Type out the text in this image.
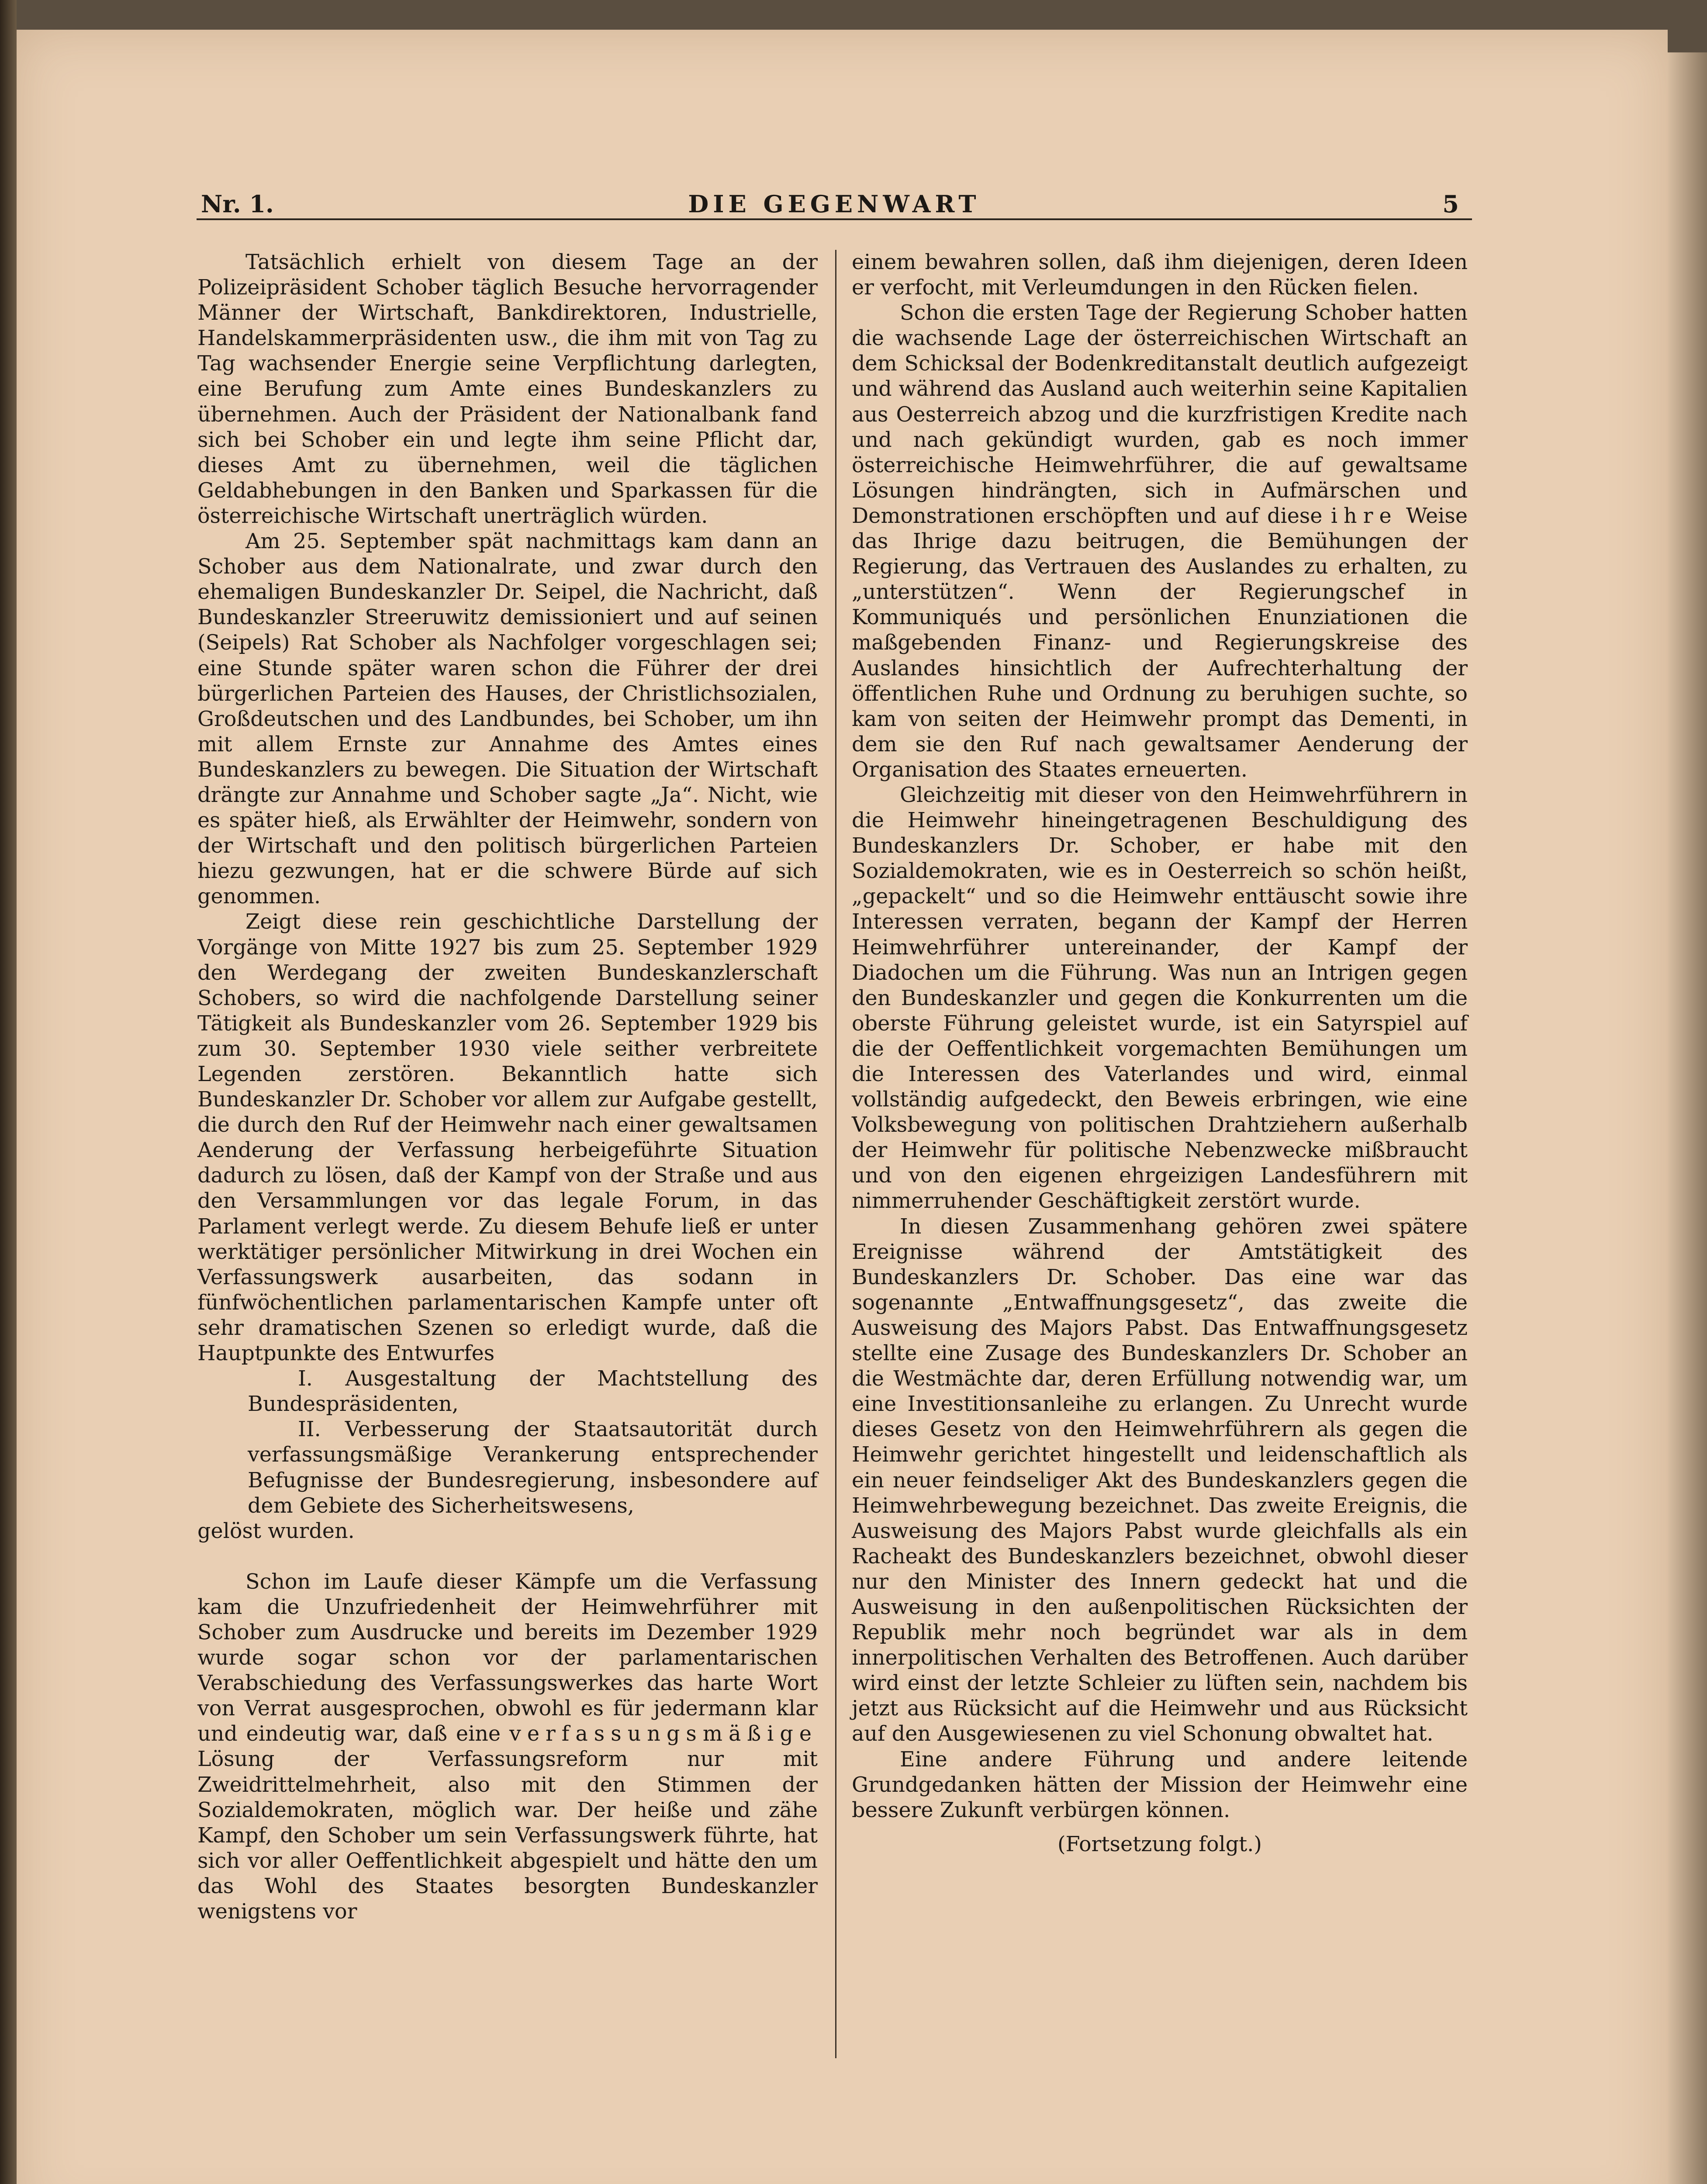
Nr. 1.	DIE GEGENWART	5

Tatsächlich erhielt von diesem Tage an der Polizeipräsident Schober täglich Besuche hervorragender Männer der Wirtschaft, Bankdirektoren, Industrielle, Handelskammerpräsidenten usw., die ihm mit von Tag zu Tag wachsender Energie seine Verpflichtung darlegten, eine Berufung zum Amte eines Bundeskanzlers zu übernehmen. Auch der Präsident der Nationalbank fand sich bei Schober ein und legte ihm seine Pflicht dar, dieses Amt zu übernehmen, weil die täglichen Geldabhebungen in den Banken und Sparkassen für die österreichische Wirtschaft unerträglich würden.

Am 25. September spät nachmittags kam dann an Schober aus dem Nationalrate, und zwar durch den ehemaligen Bundeskanzler Dr. Seipel, die Nachricht, daß Bundeskanzler Streeruwitz demissioniert und auf seinen (Seipels) Rat Schober als Nachfolger vorgeschlagen sei; eine Stunde später waren schon die Führer der drei bürgerlichen Parteien des Hauses, der Christlichsozialen, Großdeutschen und des Landbundes, bei Schober, um ihn mit allem Ernste zur Annahme des Amtes eines Bundeskanzlers zu bewegen. Die Situation der Wirtschaft drängte zur Annahme und Schober sagte „Ja“. Nicht, wie es später hieß, als Erwählter der Heimwehr, sondern von der Wirtschaft und den politisch bürgerlichen Parteien hiezu gezwungen, hat er die schwere Bürde auf sich genommen.

Zeigt diese rein geschichtliche Darstellung der Vorgänge von Mitte 1927 bis zum 25. September 1929 den Werdegang der zweiten Bundeskanzlerschaft Schobers, so wird die nachfolgende Darstellung seiner Tätigkeit als Bundeskanzler vom 26. September 1929 bis zum 30. September 1930 viele seither verbreitete Legenden zerstören. Bekanntlich hatte sich Bundeskanzler Dr. Schober vor allem zur Aufgabe gestellt, die durch den Ruf der Heimwehr nach einer gewaltsamen Aenderung der Verfassung herbeigeführte Situation dadurch zu lösen, daß der Kampf von der Straße und aus den Versammlungen vor das legale Forum, in das Parlament verlegt werde. Zu diesem Behufe ließ er unter werktätiger persönlicher Mitwirkung in drei Wochen ein Verfassungswerk ausarbeiten, das sodann in fünfwöchentlichen parlamentarischen Kampfe unter oft sehr dramatischen Szenen so erledigt wurde, daß die Hauptpunkte des Entwurfes

I. Ausgestaltung der Machtstellung des Bundespräsidenten,

II. Verbesserung der Staatsautorität durch verfassungsmäßige Verankerung entsprechender Befugnisse der Bundesregierung, insbesondere auf dem Gebiete des Sicherheitswesens,

gelöst wurden.

Schon im Laufe dieser Kämpfe um die Verfassung kam die Unzufriedenheit der Heimwehrführer mit Schober zum Ausdrucke und bereits im Dezember 1929 wurde sogar schon vor der parlamentarischen Verabschiedung des Verfassungswerkes das harte Wort von Verrat ausgesprochen, obwohl es für jedermann klar und eindeutig war, daß eine verfassungsmäßige Lösung der Verfassungsreform nur mit Zweidrittelmehrheit, also mit den Stimmen der Sozialdemokraten, möglich war. Der heiße und zähe Kampf, den Schober um sein Verfassungswerk führte, hat sich vor aller Oeffentlichkeit abgespielt und hätte den um das Wohl des Staates besorgten Bundeskanzler wenigstens vor

einem bewahren sollen, daß ihm diejenigen, deren Ideen er verfocht, mit Verleumdungen in den Rücken fielen.

Schon die ersten Tage der Regierung Schober hatten die wachsende Lage der österreichischen Wirtschaft an dem Schicksal der Bodenkreditanstalt deutlich aufgezeigt und während das Ausland auch weiterhin seine Kapitalien aus Oesterreich abzog und die kurzfristigen Kredite nach und nach gekündigt wurden, gab es noch immer österreichische Heimwehrführer, die auf gewaltsame Lösungen hindrängten, sich in Aufmärschen und Demonstrationen erschöpften und auf diese ihre Weise das Ihrige dazu beitrugen, die Bemühungen der Regierung, das Vertrauen des Auslandes zu erhalten, zu „unterstützen“. Wenn der Regierungschef in Kommuniqués und persönlichen Enunziationen die maßgebenden Finanz- und Regierungskreise des Auslandes hinsichtlich der Aufrechterhaltung der öffentlichen Ruhe und Ordnung zu beruhigen suchte, so kam von seiten der Heimwehr prompt das Dementi, in dem sie den Ruf nach gewaltsamer Aenderung der Organisation des Staates erneuerten.

Gleichzeitig mit dieser von den Heimwehrführern in die Heimwehr hineingetragenen Beschuldigung des Bundeskanzlers Dr. Schober, er habe mit den Sozialdemokraten, wie es in Oesterreich so schön heißt, „gepackelt“ und so die Heimwehr enttäuscht sowie ihre Interessen verraten, begann der Kampf der Herren Heimwehrführer untereinander, der Kampf der Diadochen um die Führung. Was nun an Intrigen gegen den Bundeskanzler und gegen die Konkurrenten um die oberste Führung geleistet wurde, ist ein Satyrspiel auf die der Oeffentlichkeit vorgemachten Bemühungen um die Interessen des Vaterlandes und wird, einmal vollständig aufgedeckt, den Beweis erbringen, wie eine Volksbewegung von politischen Drahtziehern außerhalb der Heimwehr für politische Nebenzwecke mißbraucht und von den eigenen ehrgeizigen Landesführern mit nimmerruhender Geschäftigkeit zerstört wurde.

In diesen Zusammenhang gehören zwei spätere Ereignisse während der Amtstätigkeit des Bundeskanzlers Dr. Schober. Das eine war das sogenannte „Entwaffnungsgesetz“, das zweite die Ausweisung des Majors Pabst. Das Entwaffnungsgesetz stellte eine Zusage des Bundeskanzlers Dr. Schober an die Westmächte dar, deren Erfüllung notwendig war, um eine Investitionsanleihe zu erlangen. Zu Unrecht wurde dieses Gesetz von den Heimwehrführern als gegen die Heimwehr gerichtet hingestellt und leidenschaftlich als ein neuer feindseliger Akt des Bundeskanzlers gegen die Heimwehrbewegung bezeichnet. Das zweite Ereignis, die Ausweisung des Majors Pabst wurde gleichfalls als ein Racheakt des Bundeskanzlers bezeichnet, obwohl dieser nur den Minister des Innern gedeckt hat und die Ausweisung in den außenpolitischen Rücksichten der Republik mehr noch begründet war als in dem innerpolitischen Verhalten des Betroffenen. Auch darüber wird einst der letzte Schleier zu lüften sein, nachdem bis jetzt aus Rücksicht auf die Heimwehr und aus Rücksicht auf den Ausgewiesenen zu viel Schonung obwaltet hat.

Eine andere Führung und andere leitende Grundgedanken hätten der Mission der Heimwehr eine bessere Zukunft verbürgen können.

(Fortsetzung folgt.)
